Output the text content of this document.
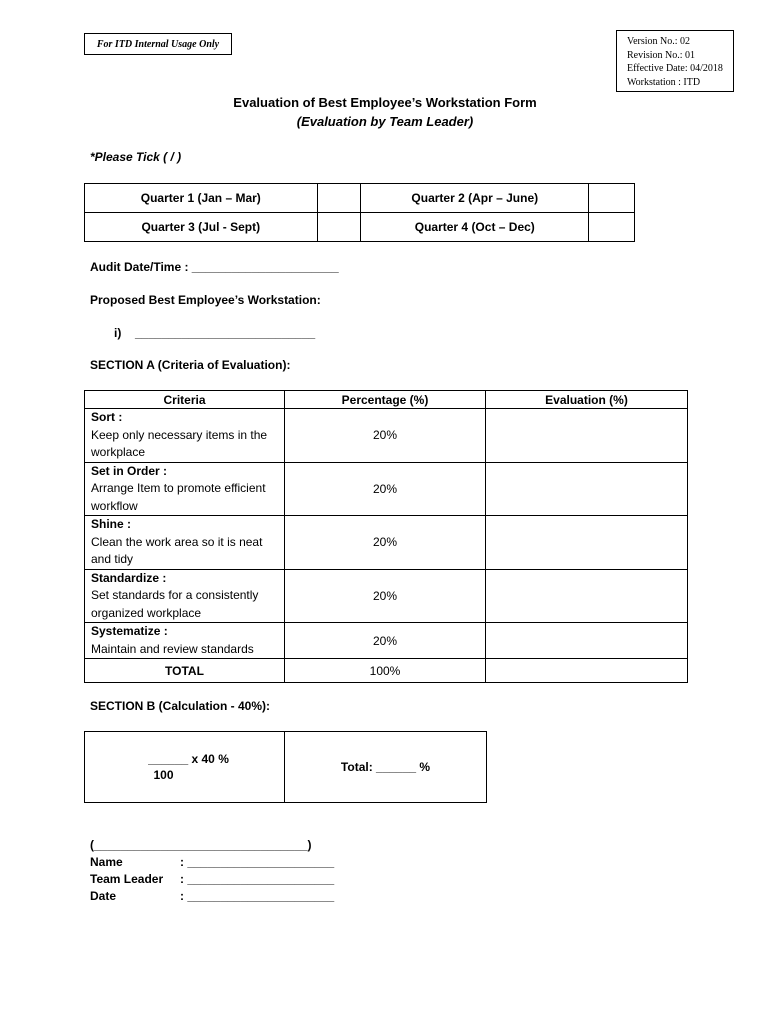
For ITD Internal Usage Only	Version No.: 02
Revision No.: 01
Effective Date: 04/2018
Workstation : ITD
Evaluation of Best Employee’s Workstation Form
(Evaluation by Team Leader)
*Please Tick ( / )
Quarter 1 (Jan – Mar)		Quarter 2 (Apr – June)	
Quarter 3 (Jul - Sept)		Quarter 4 (Oct – Dec)	
Audit Date/Time : ______________________
Proposed Best Employee’s Workstation:
i) ___________________________
SECTION A (Criteria of Evaluation):
Criteria	Percentage (%)	Evaluation (%)

Sort :
Keep only necessary items in the workplace	20%	

Set in Order :
Arrange Item to promote efficient workflow	20%	

Shine :
Clean the work area so it is neat and tidy	20%	

Standardize :
Set standards for a consistently organized workplace	20%	

Systematize :
Maintain and review standards	20%	
TOTAL	100%	
SECTION B (Calculation - 40%):
______ x 40 %
100
	Total: ______ %
(________________________________)
Name	: ______________________
Team Leader : ______________________
Date	: ______________________
